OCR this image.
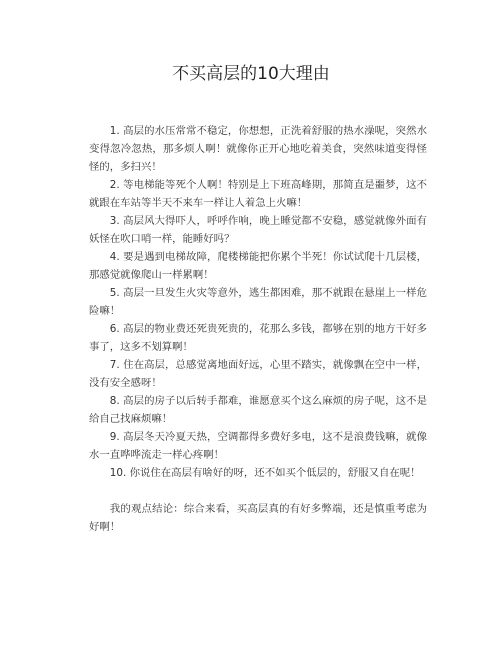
不买高层的10大理由

1. 高层的水压常常不稳定，你想想，正洗着舒服的热水澡呢，突然水变得忽冷忽热，那多烦人啊！就像你正开心地吃着美食，突然味道变得怪怪的，多扫兴！

2. 等电梯能等死个人啊！特别是上下班高峰期，那简直是噩梦，这不就跟在车站等半天不来车一样让人着急上火嘛！

3. 高层风大得吓人，呼呼作响，晚上睡觉都不安稳，感觉就像外面有妖怪在吹口哨一样，能睡好吗？

4. 要是遇到电梯故障，爬楼梯能把你累个半死！你试试爬十几层楼，那感觉就像爬山一样累啊！

5. 高层一旦发生火灾等意外，逃生都困难，那不就跟在悬崖上一样危险嘛！

6. 高层的物业费还死贵死贵的，花那么多钱，都够在别的地方干好多事了，这多不划算啊！

7. 住在高层，总感觉离地面好远，心里不踏实，就像飘在空中一样，没有安全感呀！

8. 高层的房子以后转手都难，谁愿意买个这么麻烦的房子呢，这不是给自己找麻烦嘛！

9. 高层冬天冷夏天热，空调都得多费好多电，这不是浪费钱嘛，就像水一直哗哗流走一样心疼啊！

10. 你说住在高层有啥好的呀，还不如买个低层的，舒服又自在呢！

我的观点结论：综合来看，买高层真的有好多弊端，还是慎重考虑为好啊！
